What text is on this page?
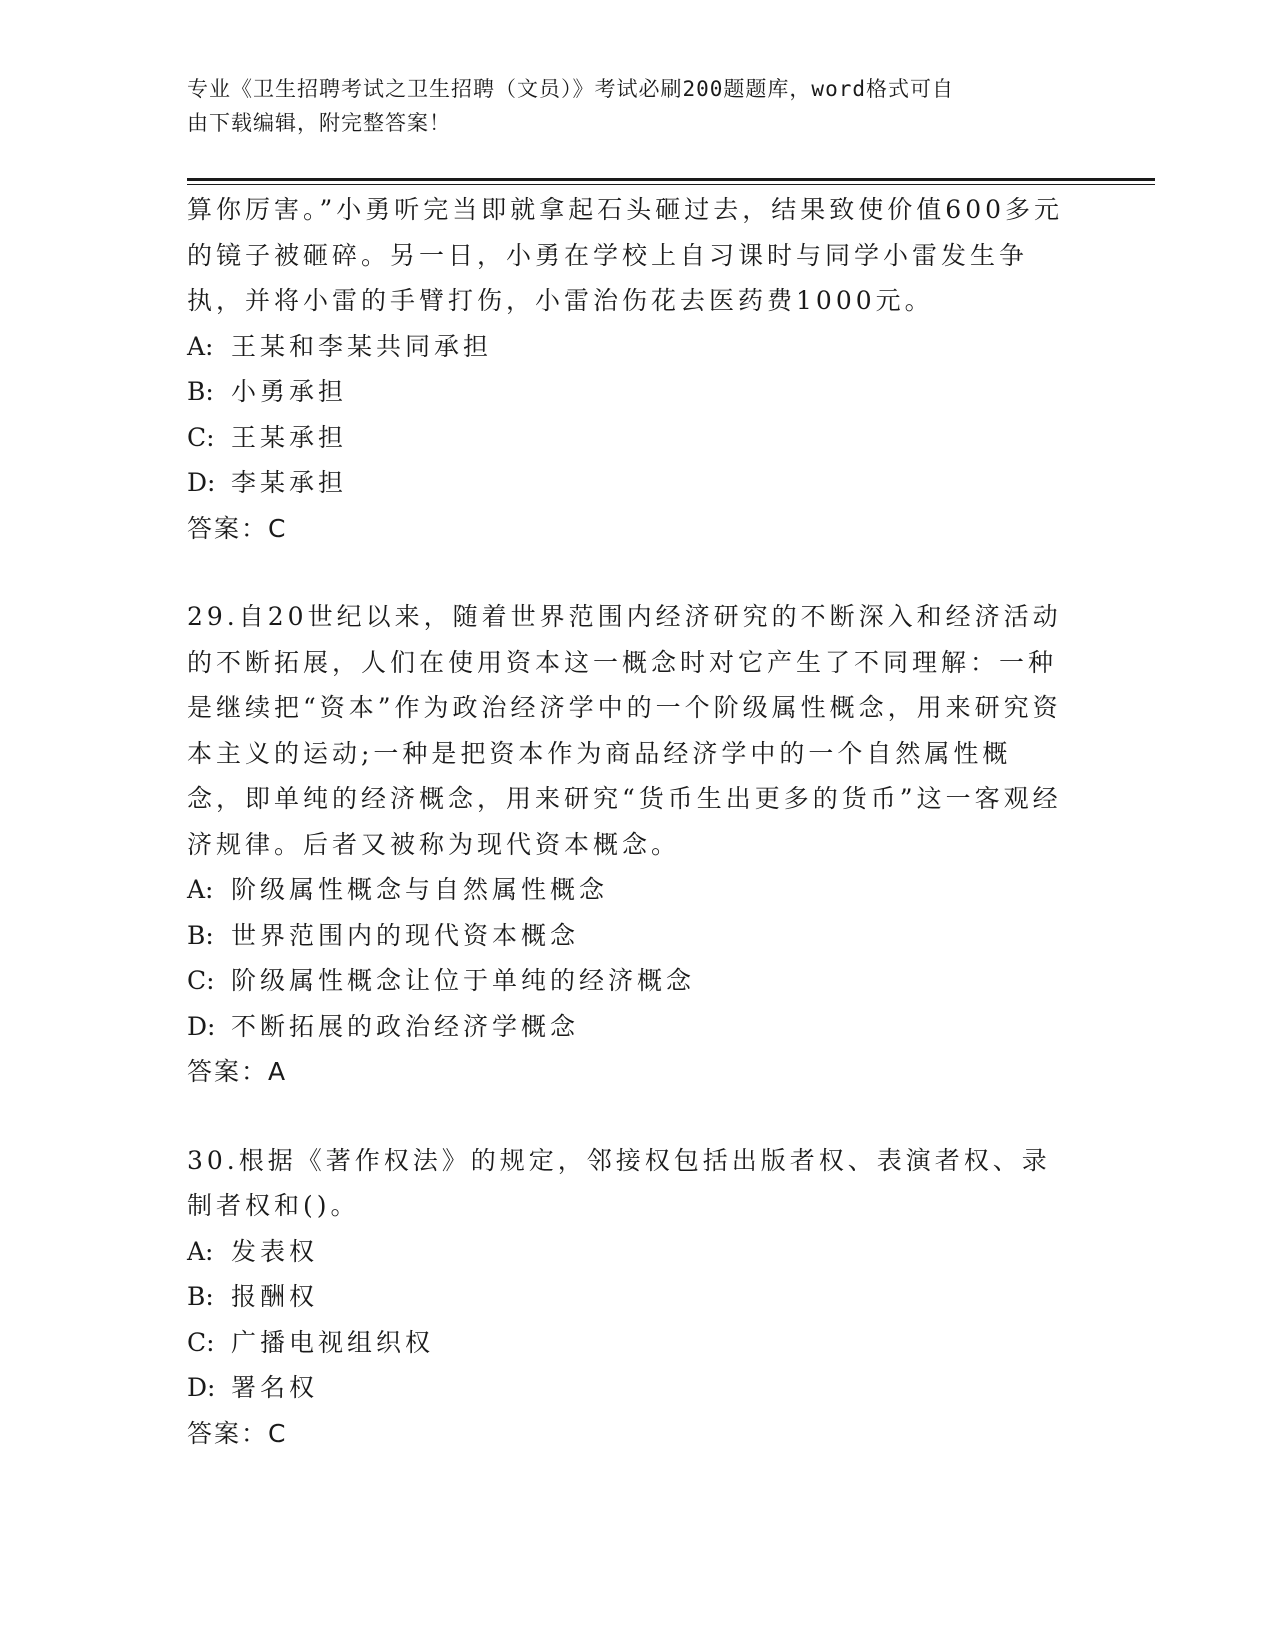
专业《卫生招聘考试之卫生招聘（文员）》考试必刷200题题库，word格式可自
由下载编辑，附完整答案！
算你厉害。”小勇听完当即就拿起石头砸过去，结果致使价值600多元的镜子被砸碎。另一日，小勇在学校上自习课时与同学小雷发生争执，并将小雷的手臂打伤，小雷治伤花去医药费1000元。
A: 王某和李某共同承担
B: 小勇承担
C: 王某承担
D: 李某承担
答案：C
29.自20世纪以来，随着世界范围内经济研究的不断深入和经济活动的不断拓展，人们在使用资本这一概念时对它产生了不同理解：一种是继续把“资本”作为政治经济学中的一个阶级属性概念，用来研究资本主义的运动;一种是把资本作为商品经济学中的一个自然属性概念，即单纯的经济概念，用来研究“货币生出更多的货币”这一客观经济规律。后者又被称为现代资本概念。
A: 阶级属性概念与自然属性概念
B: 世界范围内的现代资本概念
C: 阶级属性概念让位于单纯的经济概念
D: 不断拓展的政治经济学概念
答案：A
30.根据《著作权法》的规定，邻接权包括出版者权、表演者权、录制者权和()。
A: 发表权
B: 报酬权
C: 广播电视组织权
D: 署名权
答案：C
